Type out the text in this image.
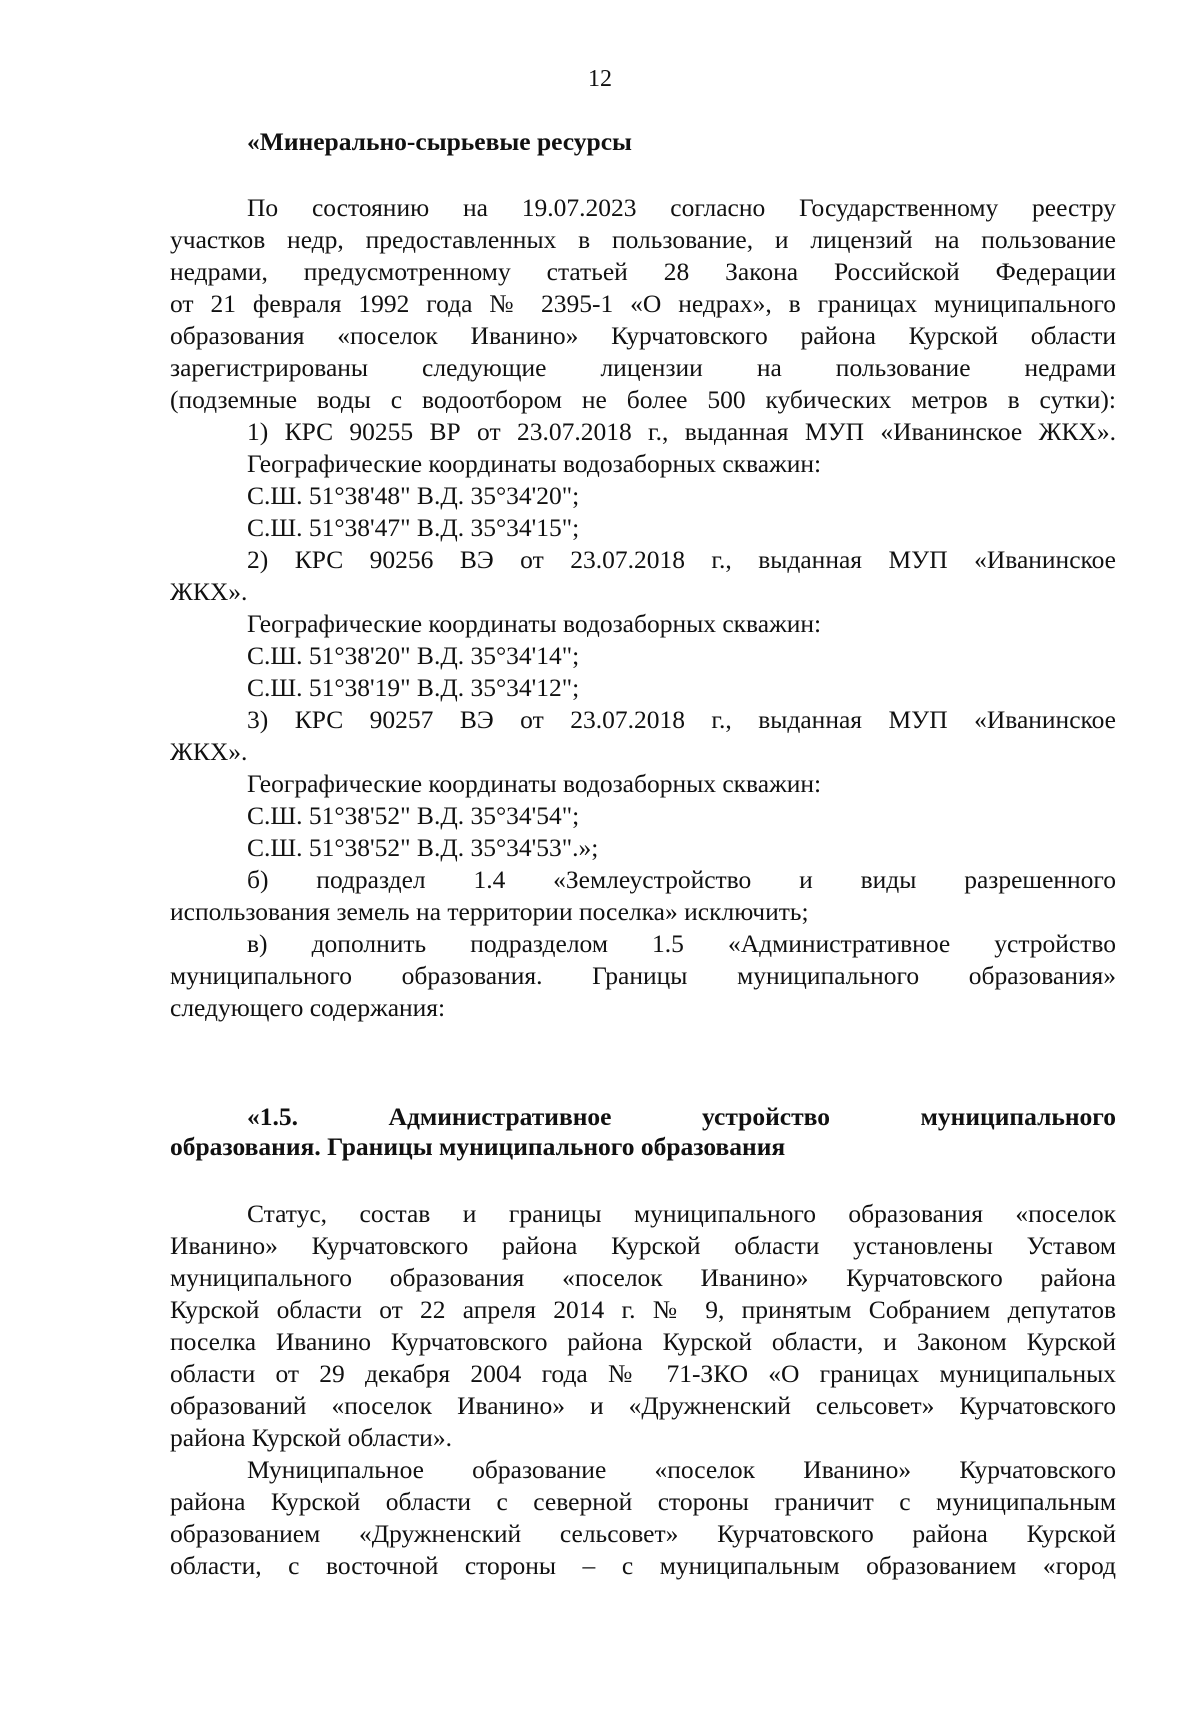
12
«Минерально-сырьевые ресурсы
По состоянию на 19.07.2023 согласно Государственному реестру
участков недр, предоставленных в пользование, и лицензий на пользование
недрами, предусмотренному статьей 28 Закона Российской Федерации
от 21 февраля 1992 года № 2395-1 «О недрах», в границах муниципального
образования «поселок Иванино» Курчатовского района Курской области
зарегистрированы следующие лицензии на пользование недрами
(подземные воды с водоотбором не более 500 кубических метров в сутки):
1) КРС 90255 ВР от 23.07.2018 г., выданная МУП «Иванинское ЖКХ».
Географические координаты водозаборных скважин:
С.Ш. 51°38'48" В.Д. 35°34'20";
С.Ш. 51°38'47" В.Д. 35°34'15";
2) КРС 90256 ВЭ от 23.07.2018 г., выданная МУП «Иванинское
ЖКХ».
Географические координаты водозаборных скважин:
С.Ш. 51°38'20" В.Д. 35°34'14";
С.Ш. 51°38'19" В.Д. 35°34'12";
3) КРС 90257 ВЭ от 23.07.2018 г., выданная МУП «Иванинское
ЖКХ».
Географические координаты водозаборных скважин:
С.Ш. 51°38'52" В.Д. 35°34'54";
С.Ш. 51°38'52" В.Д. 35°34'53".»;
б) подраздел 1.4 «Землеустройство и виды разрешенного
использования земель на территории поселка» исключить;
в) дополнить подразделом 1.5 «Административное устройство
муниципального образования. Границы муниципального образования»
следующего содержания:
«1.5. Административное устройство муниципального
образования. Границы муниципального образования
Статус, состав и границы муниципального образования «поселок
Иванино» Курчатовского района Курской области установлены Уставом
муниципального образования «поселок Иванино» Курчатовского района
Курской области от 22 апреля 2014 г. № 9, принятым Собранием депутатов
поселка Иванино Курчатовского района Курской области, и Законом Курской
области от 29 декабря 2004 года № 71-ЗКО «О границах муниципальных
образований «поселок Иванино» и «Дружненский сельсовет» Курчатовского
района Курской области».
Муниципальное образование «поселок Иванино» Курчатовского
района Курской области с северной стороны граничит с муниципальным
образованием «Дружненский сельсовет» Курчатовского района Курской
области, с восточной стороны – с муниципальным образованием «город
